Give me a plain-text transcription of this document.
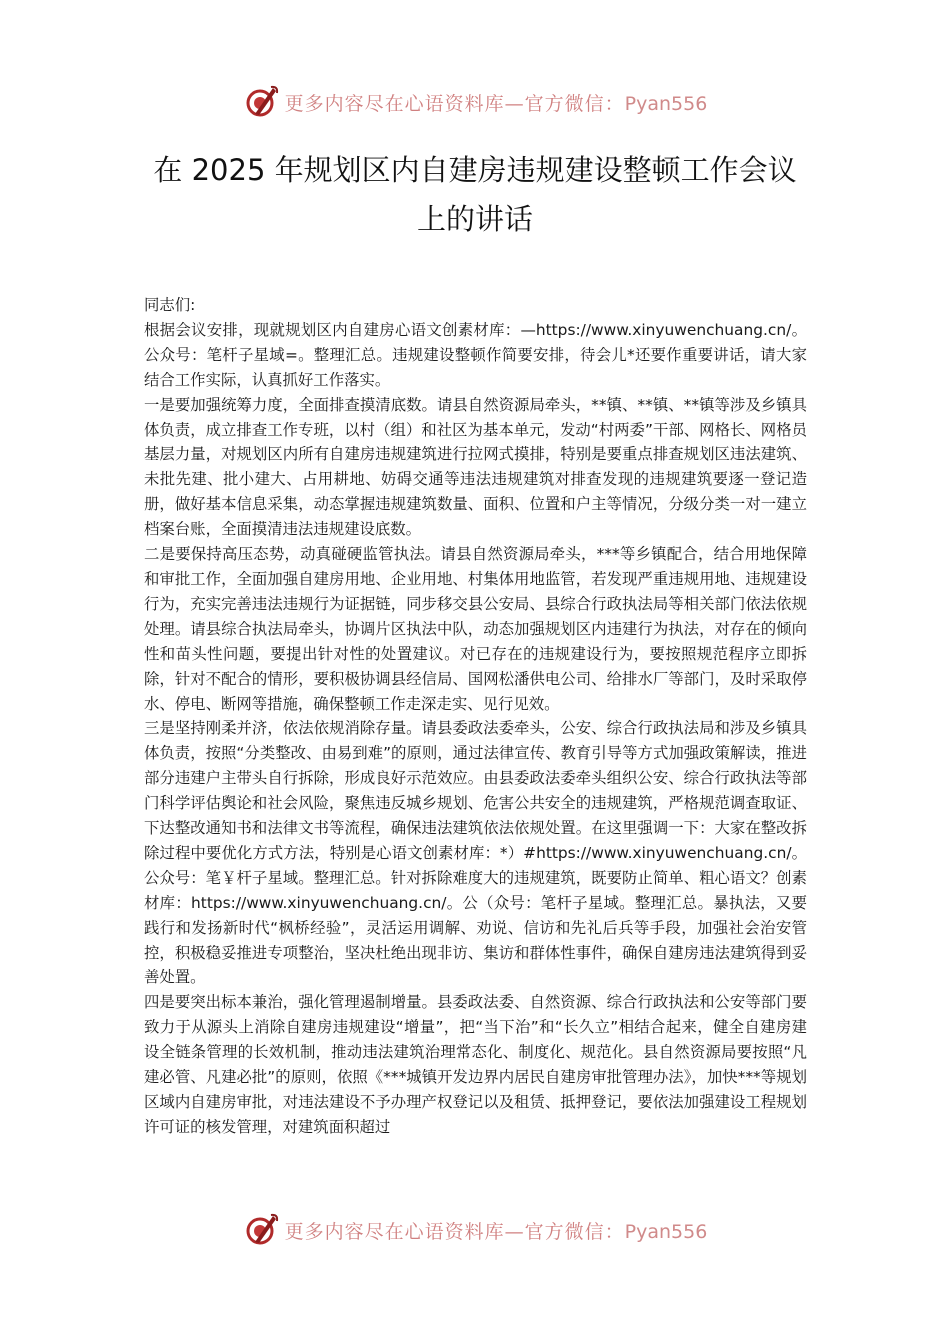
更多内容尽在心语资料库—官方微信：Pyan556
在 2025 年规划区内自建房违规建设整顿工作会议上的讲话

同志们:

根据会议安排，现就规划区内自建房心语文创素材库：—https://www.xinyuwenchuang.cn/。公众号：笔杆子星域=。整理汇总。违规建设整顿作简要安排，待会儿*还要作重要讲话，请大家结合工作实际，认真抓好工作落实。

一是要加强统筹力度，全面排查摸清底数。请县自然资源局牵头，**镇、**镇、**镇等涉及乡镇具体负责，成立排查工作专班，以村（组）和社区为基本单元，发动“村两委”干部、网格长、网格员基层力量，对规划区内所有自建房违规建筑进行拉网式摸排，特别是要重点排查规划区违法建筑、未批先建、批小建大、占用耕地、妨碍交通等违法违规建筑对排查发现的违规建筑要逐一登记造册，做好基本信息采集，动态掌握违规建筑数量、面积、位置和户主等情况，分级分类一对一建立档案台账，全面摸清违法违规建设底数。

二是要保持高压态势，动真碰硬监管执法。请县自然资源局牵头，***等乡镇配合，结合用地保障和审批工作，全面加强自建房用地、企业用地、村集体用地监管，若发现严重违规用地、违规建设行为，充实完善违法违规行为证据链，同步移交县公安局、县综合行政执法局等相关部门依法依规处理。请县综合执法局牵头，协调片区执法中队，动态加强规划区内违建行为执法，对存在的倾向性和苗头性问题，要提出针对性的处置建议。对已存在的违规建设行为，要按照规范程序立即拆除，针对不配合的情形，要积极协调县经信局、国网松潘供电公司、给排水厂等部门，及时采取停水、停电、断网等措施，确保整顿工作走深走实、见行见效。

三是坚持刚柔并济，依法依规消除存量。请县委政法委牵头，公安、综合行政执法局和涉及乡镇具体负责，按照“分类整改、由易到难”的原则，通过法律宣传、教育引导等方式加强政策解读，推进部分违建户主带头自行拆除，形成良好示范效应。由县委政法委牵头组织公安、综合行政执法等部门科学评估舆论和社会风险，聚焦违反城乡规划、危害公共安全的违规建筑，严格规范调查取证、下达整改通知书和法律文书等流程，确保违法建筑依法依规处置。在这里强调一下：大家在整改拆除过程中要优化方式方法，特别是心语文创素材库：*）#https://www.xinyuwenchuang.cn/。公众号：笔￥杆子星域。整理汇总。针对拆除难度大的违规建筑，既要防止简单、粗心语文？创素材库：https://www.xinyuwenchuang.cn/。公（众号：笔杆子星域。整理汇总。暴执法，又要践行和发扬新时代“枫桥经验”，灵活运用调解、劝说、信访和先礼后兵等手段，加强社会治安管控，积极稳妥推进专项整治，坚决杜绝出现非访、集访和群体性事件，确保自建房违法建筑得到妥善处置。

四是要突出标本兼治，强化管理遏制增量。县委政法委、自然资源、综合行政执法和公安等部门要致力于从源头上消除自建房违规建设“增量”，把“当下治”和“长久立”相结合起来，健全自建房建设全链条管理的长效机制，推动违法建筑治理常态化、制度化、规范化。县自然资源局要按照“凡建必管、凡建必批”的原则，依照《***城镇开发边界内居民自建房审批管理办法》，加快***等规划区域内自建房审批，对违法建设不予办理产权登记以及租赁、抵押登记，要依法加强建设工程规划许可证的核发管理，对建筑面积超过

更多内容尽在心语资料库—官方微信：Pyan556
